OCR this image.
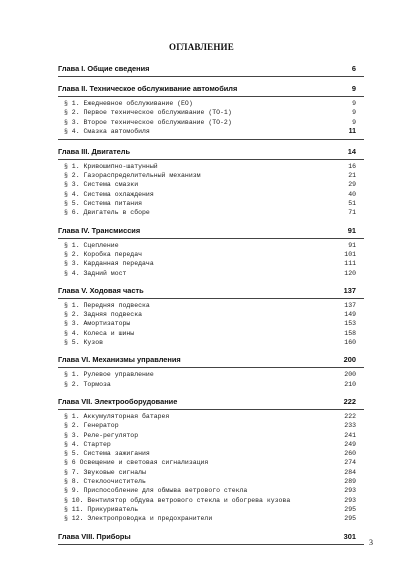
ОГЛАВЛЕНИЕ
Глава I. Общие сведения	6
Глава II. Техническое обслуживание автомобиля	9
§ 1. Ежедневное обслуживание (ЕО)	9
§ 2. Первое техническое обслуживание (ТО-1)	9
§ 3. Второе техническое обслуживание (ТО-2)	9
§ 4. Смазка автомобиля	11
Глава III. Двигатель	14
§ 1. Кривошипно-шатунный	16
§ 2. Газораспределительный механизм	21
§ 3. Система смазки	29
§ 4. Система охлаждения	40
§ 5. Система питания	51
§ 6. Двигатель в сборе	71
Глава IV. Трансмиссия	91
§ 1. Сцепление	91
§ 2. Коробка передач	101
§ 3. Карданная передача	111
§ 4. Задний мост	120
Глава V. Ходовая часть	137
§ 1. Передняя подвеска	137
§ 2. Задняя подвеска	149
§ 3. Амортизаторы	153
§ 4. Колеса и шины	158
§ 5. Кузов	160
Глава VI. Механизмы управления	200
§ 1. Рулевое управление	200
§ 2. Тормоза	210
Глава VII. Электрооборудование	222
§ 1. Аккумуляторная батарея	222
§ 2. Генератор	233
§ 3. Реле-регулятор	241
§ 4. Стартер	249
§ 5. Система зажигания	260
§ 6 Освещение и световая сигнализация	274
§ 7. Звуковые сигналы	284
§ 8. Стеклоочиститель	289
§ 9. Приспособление для обмыва ветрового стекла	293
§ 10. Вентилятор обдува ветрового стекла и обогрева кузова	293
§ 11. Прикуриватель	295
§ 12. Электропроводка и предохранители	295
Глава VIII. Приборы	301
3
